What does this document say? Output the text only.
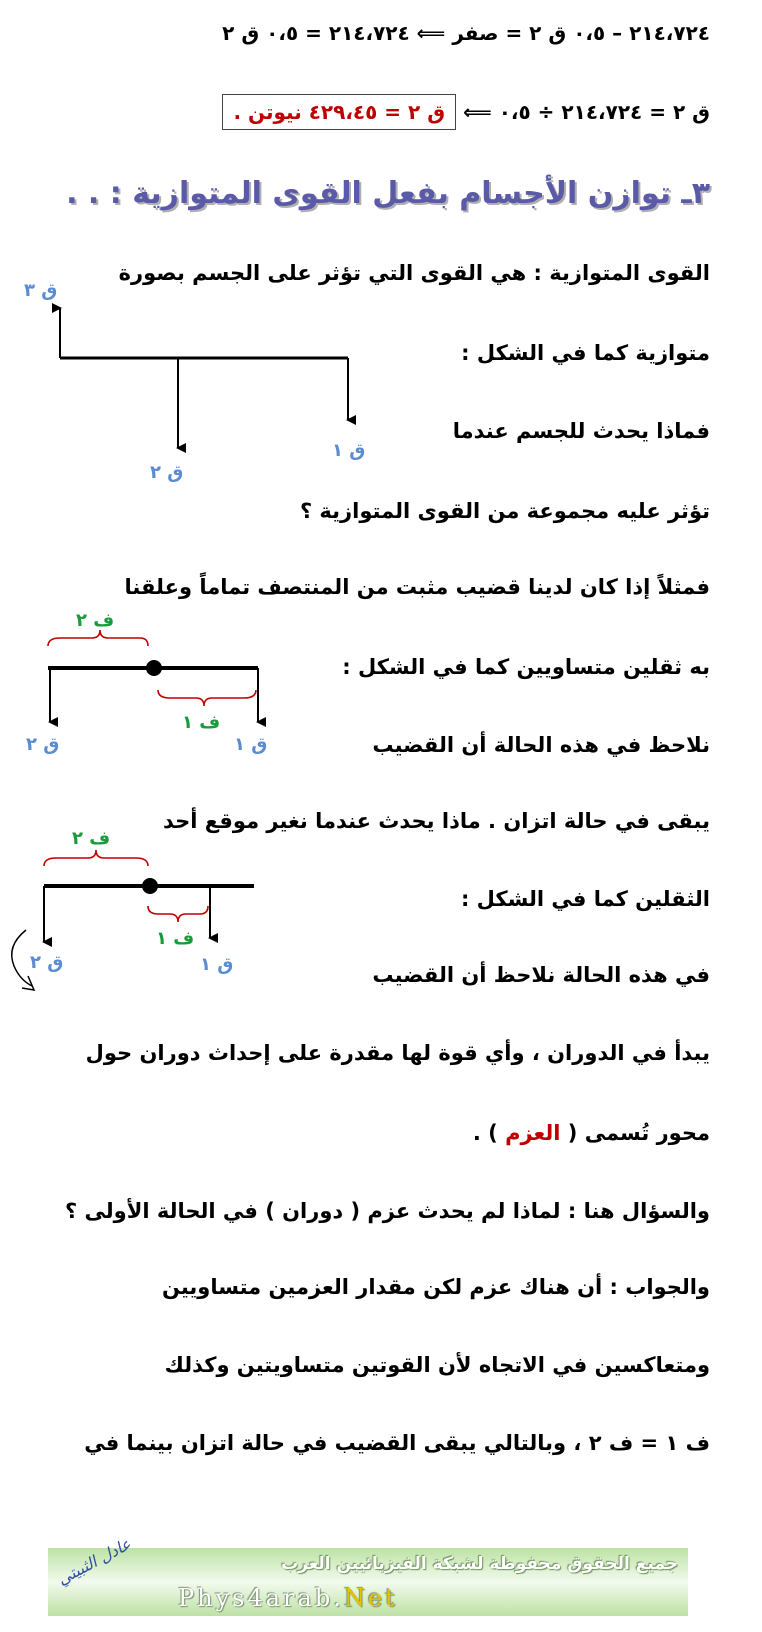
٢١٤،٧٢٤ – ٠،٥ ق ٢ = صفر ⟸ ٢١٤،٧٢٤ = ٠،٥ ق ٢
ق ٢ = ٢١٤،٧٢٤ ÷ ٠،٥ ⟸ ق ٢ = ٤٢٩،٤٥ نيوتن .
٣ـ توازن الأجسام بفعل القوى المتوازية : . .
القوى المتوازية : هي القوى التي تؤثر على الجسم بصورة
متوازية كما في الشكل :
فماذا يحدث للجسم عندما
تؤثر عليه مجموعة من القوى المتوازية ؟
فمثلاً إذا كان لدينا قضيب مثبت من المنتصف تماماً وعلقنا
به ثقلين متساويين كما في الشكل :
نلاحظ في هذه الحالة أن القضيب
يبقى في حالة اتزان . ماذا يحدث عندما نغير موقع أحد
الثقلين كما في الشكل :
في هذه الحالة نلاحظ أن القضيب
يبدأ في الدوران ، وأي قوة لها مقدرة على إحداث دوران حول
محور تُسمى ( العزم ) .
والسؤال هنا : لماذا لم يحدث عزم ( دوران ) في الحالة الأولى ؟
والجواب : أن هناك عزم لكن مقدار العزمين متساويين
ومتعاكسين في الاتجاه لأن القوتين متساويتين وكذلك
ف ١ = ف ٢ ، وبالتالي يبقى القضيب في حالة اتزان بينما في
ق ٣
ق ٢
ق ١
ف ٢
ف ١
ق ٢	ق ١
ف ٢
ف ١
ق ٢	ق ١
جميع الحقوق محفوظة لشبكة الفيزيائيين العرب
Phys4arab.Net
عادل الثبيتي
